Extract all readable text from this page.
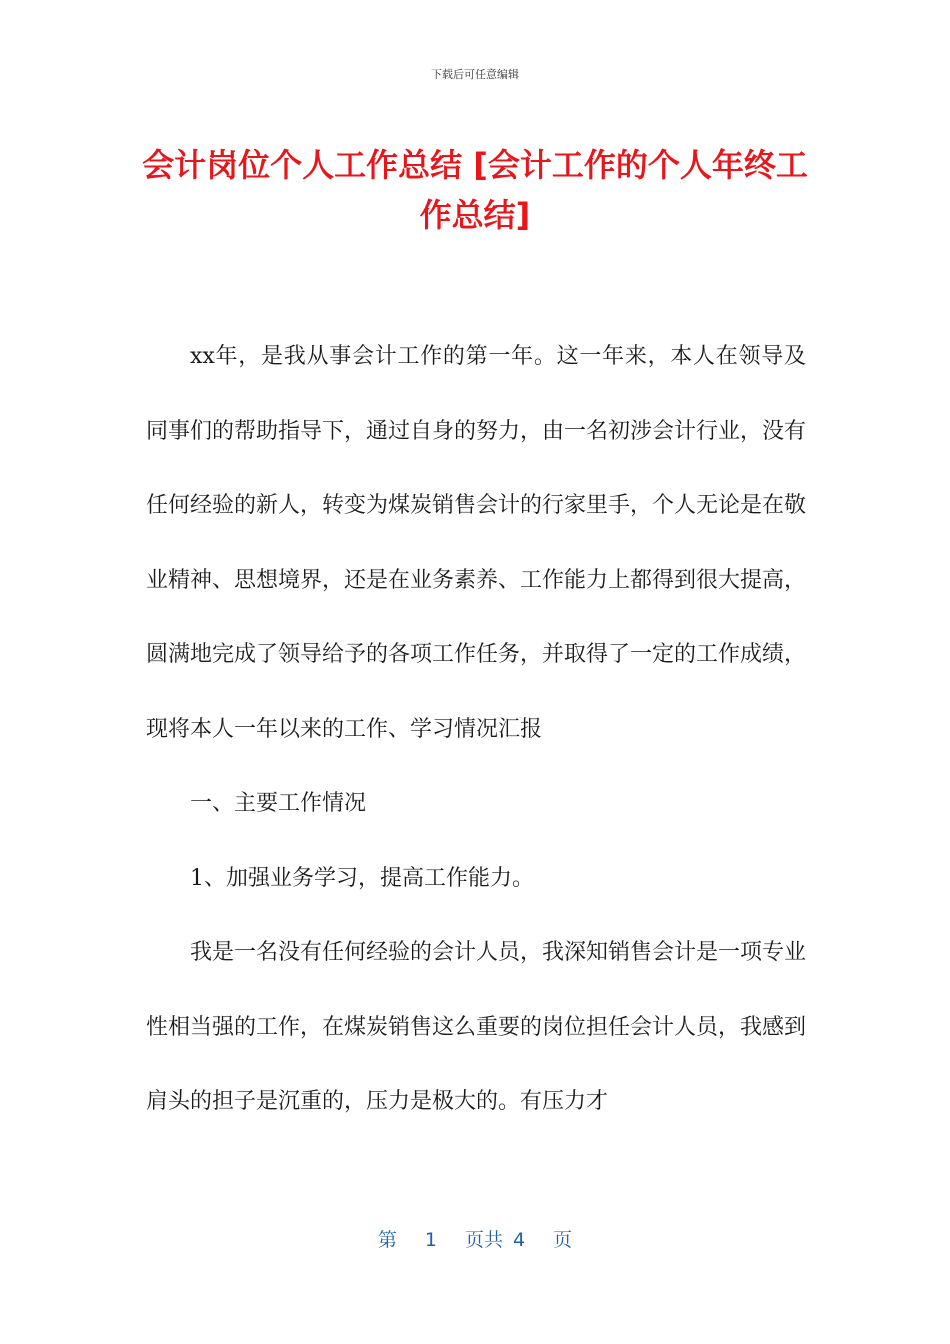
下载后可任意编辑
会计岗位个人工作总结 [会计工作的个人年终工作总结]

xx年，是我从事会计工作的第一年。这一年来，本人在领导及同事们的帮助指导下，通过自身的努力，由一名初涉会计行业，没有任何经验的新人，转变为煤炭销售会计的行家里手，个人无论是在敬业精神、思想境界，还是在业务素养、工作能力上都得到很大提高，圆满地完成了领导给予的各项工作任务，并取得了一定的工作成绩，现将本人一年以来的工作、学习情况汇报

一、主要工作情况

1、加强业务学习，提高工作能力。

我是一名没有任何经验的会计人员，我深知销售会计是一项专业性相当强的工作，在煤炭销售这么重要的岗位担任会计人员，我感到肩头的担子是沉重的，压力是极大的。有压力才

第 1 页共 4 页
